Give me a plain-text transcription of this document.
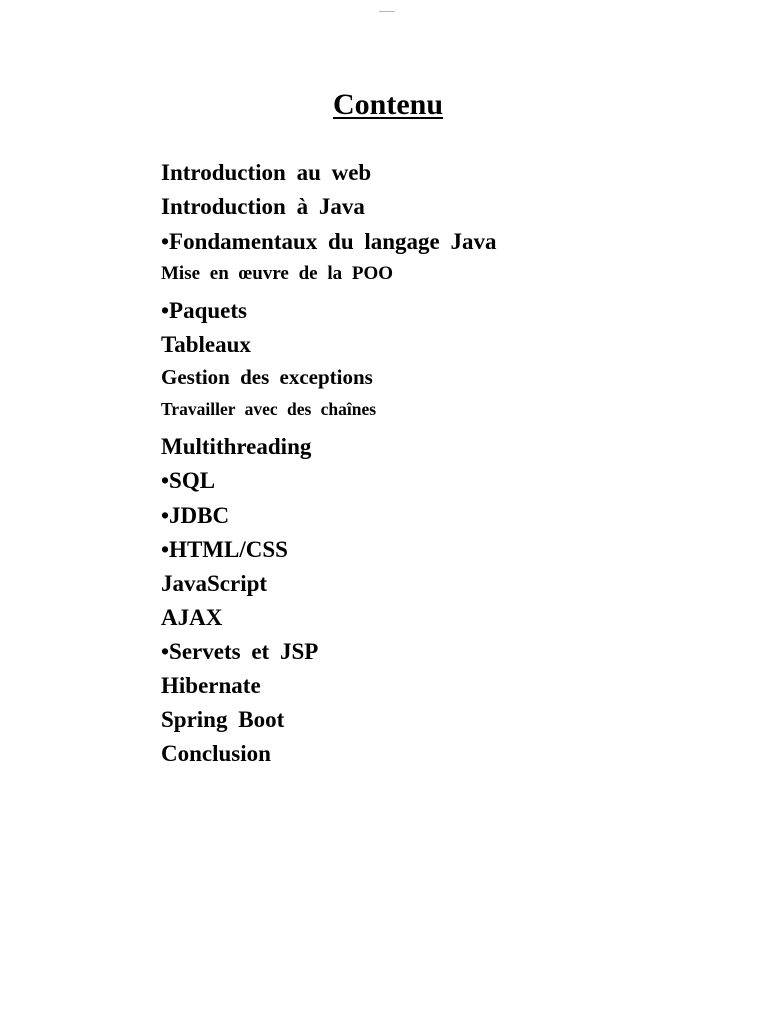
Contenu
Introduction au web
Introduction à Java
•Fondamentaux du langage Java
Mise en œuvre de la POO
•Paquets
Tableaux
Gestion des exceptions
Travailler avec des chaînes
Multithreading
•SQL
•JDBC
•HTML/CSS
JavaScript
AJAX
•Servets et JSP
Hibernate
Spring Boot
Conclusion
